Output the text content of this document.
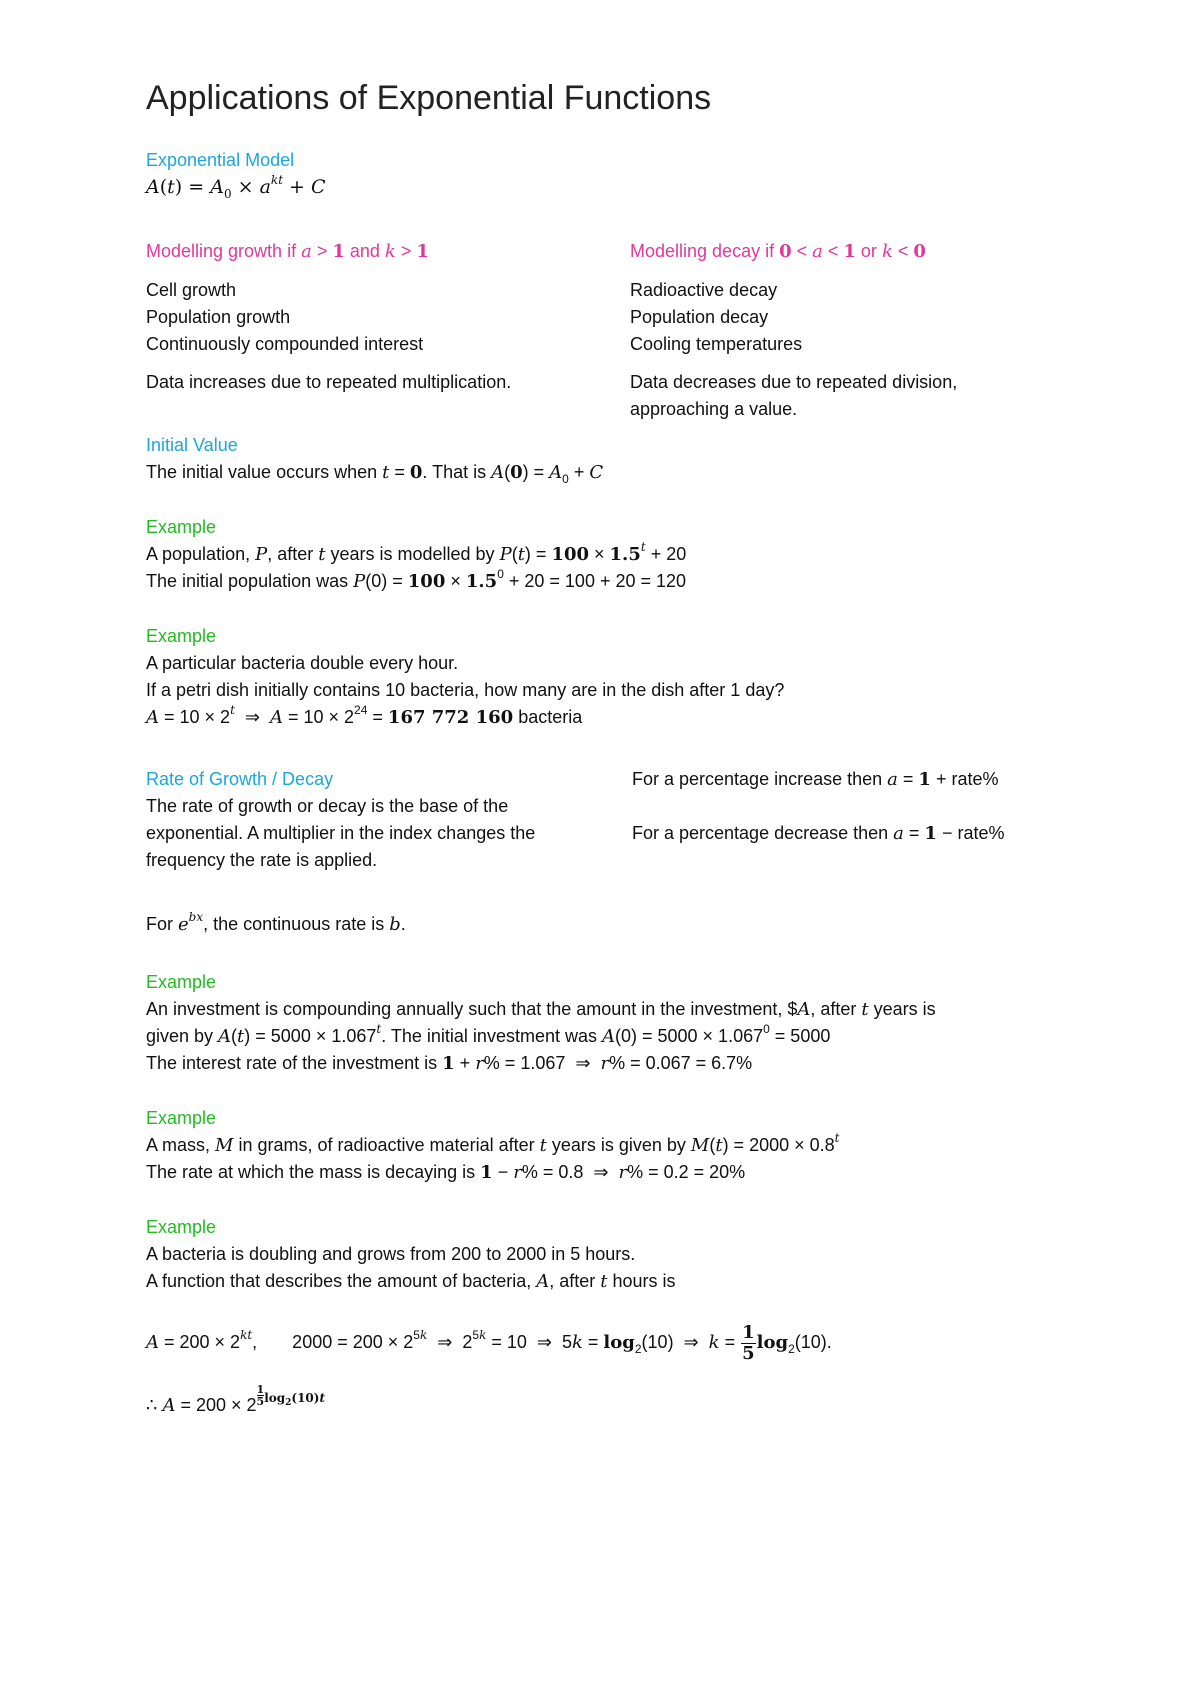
Applications of Exponential Functions
Exponential Model
$A(t) = A_0 \times a^{kt} + C$
Modelling growth if a > 1 and k > 1
Cell growth
Population growth
Continuously compounded interest
Data increases due to repeated multiplication.
Modelling decay if 0 < a < 1 or k < 0
Radioactive decay
Population decay
Cooling temperatures
Data decreases due to repeated division,
approaching a value.
Initial Value
The initial value occurs when t = 0. That is $A(0) = A_0 + C$
Example
A population, P, after t years is modelled by $P(t) = 100 \times 1.5^t + 20$
The initial population was $P(0) = 100 \times 1.5^0 + 20 = 100 + 20 = 120$
Example
A particular bacteria double every hour.
If a petri dish initially contains 10 bacteria, how many are in the dish after 1 day?
$A = 10 \times 2^t$  ⇒  $A = 10 \times 2^{24} = 167$ 772 160 bacteria
Rate of Growth / Decay
The rate of growth or decay is the base of the
exponential. A multiplier in the index changes the
frequency the rate is applied.
For a percentage increase then a = 1 + rate%
For a percentage decrease then a = 1 − rate%
For $e^{bx}$, the continuous rate is b.
Example
An investment is compounding annually such that the amount in the investment, $A, after t years is
given by $A(t) = 5000 \times 1.067^t$. The initial investment was $A(0) = 5000 \times 1.067^0 = 5000$
The interest rate of the investment is 1 + r% = 1.067  ⇒  r% = 0.067 = 6.7%
Example
A mass, M in grams, of radioactive material after t years is given by $M(t) = 2000 \times 0.8^t$
The rate at which the mass is decaying is 1 − r% = 0.8  ⇒  r% = 0.2 = 20%
Example
A bacteria is doubling and grows from 200 to 2000 in 5 hours.
A function that describes the amount of bacteria, A, after t hours is
$A = 200 \times 2^{kt}$,       $2000 = 200 \times 2^{5k}$  ⇒  $2^{5k} = 10$  ⇒  $5k = \log_2(10)$  ⇒  $k = \frac{1}{5} \log_2(10)$.
∴ $A = 200 \times 2 \frac{1}{5} ^{log_2(10)t}$
